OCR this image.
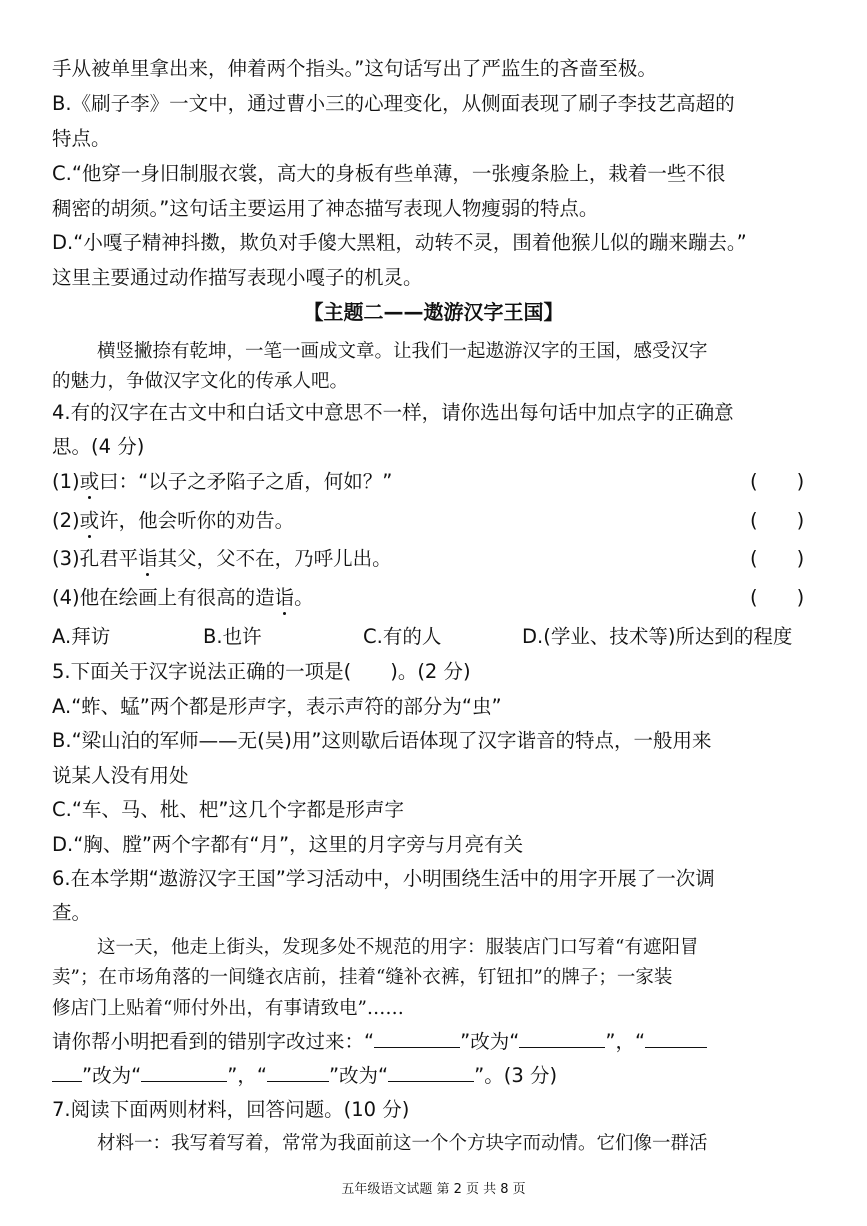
手从被单里拿出来，伸着两个指头。”这句话写出了严监生的吝啬至极。
B.《刷子李》一文中，通过曹小三的心理变化，从侧面表现了刷子李技艺高超的
特点。
C.“他穿一身旧制服衣裳，高大的身板有些单薄，一张瘦条脸上，栽着一些不很
稠密的胡须。”这句话主要运用了神态描写表现人物瘦弱的特点。
D.“小嘎子精神抖擞，欺负对手傻大黑粗，动转不灵，围着他猴儿似的蹦来蹦去。”
这里主要通过动作描写表现小嘎子的机灵。
【主题二——遨游汉字王国】
横竖撇捺有乾坤，一笔一画成文章。让我们一起遨游汉字的王国，感受汉字
的魅力，争做汉字文化的传承人吧。
4.有的汉字在古文中和白话文中意思不一样，请你选出每句话中加点字的正确意
思。(4 分)
(1)或曰：“以子之矛陷子之盾，何如？”	(　　)
(2)或许，他会听你的劝告。	(　　)
(3)孔君平诣其父，父不在，乃呼儿出。	(　　)
(4)他在绘画上有很高的造诣。	(　　)
A.拜访	B.也许	C.有的人	D.(学业、技术等)所达到的程度
5.下面关于汉字说法正确的一项是(　　)。(2 分)
A.“蚱、蜢”两个都是形声字，表示声符的部分为“虫”
B.“梁山泊的军师——无(吴)用”这则歇后语体现了汉字谐音的特点，一般用来
说某人没有用处
C.“车、马、枇、杷”这几个字都是形声字
D.“胸、膛”两个字都有“月”，这里的月字旁与月亮有关
6.在本学期“遨游汉字王国”学习活动中，小明围绕生活中的用字开展了一次调
查。
这一天，他走上街头，发现多处不规范的用字：服装店门口写着“有遮阳冒
卖”；在市场角落的一间缝衣店前，挂着“缝补衣裤，钉钮扣”的牌子；一家装
修店门上贴着“师付外出，有事请致电”……
请你帮小明把看到的错别字改过来：“	”改为“	”，“
”改为“	”，“	”改为“	”。(3 分)
7.阅读下面两则材料，回答问题。(10 分)
材料一：我写着写着，常常为我面前这一个个方块字而动情。它们像一群活
五年级语文试题 第 2 页 共 8 页
